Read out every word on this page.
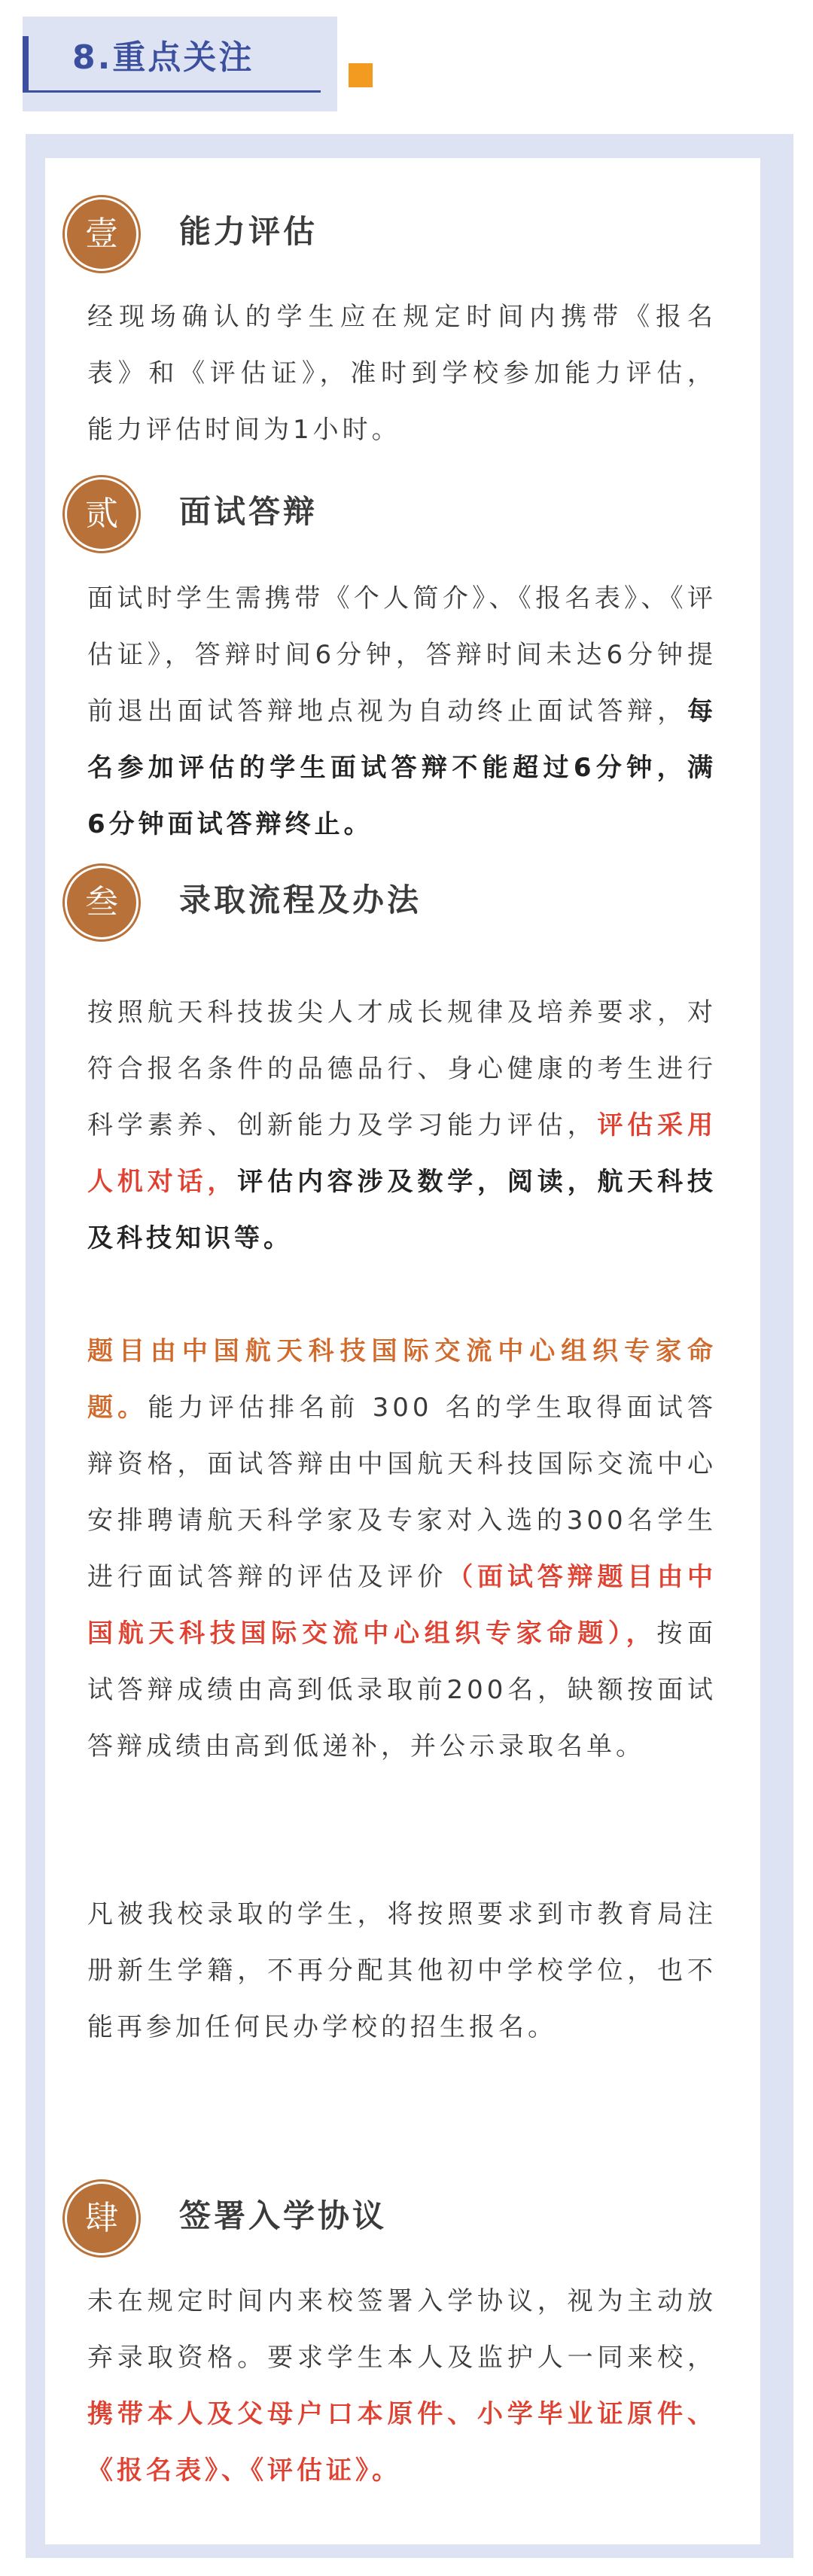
8.重点关注
壹	能力评估

经现场确认的学生应在规定时间内携带《报名表》和《评估证》，准时到学校参加能力评估，能力评估时间为1小时。

贰	面试答辩

面试时学生需携带《个人简介》、《报名表》、《评估证》，答辩时间6分钟，答辩时间未达6分钟提前退出面试答辩地点视为自动终止面试答辩，每名参加评估的学生面试答辩不能超过6分钟，满6分钟面试答辩终止。

叁	录取流程及办法

按照航天科技拔尖人才成长规律及培养要求，对符合报名条件的品德品行、身心健康的考生进行科学素养、创新能力及学习能力评估，评估采用人机对话，评估内容涉及数学，阅读，航天科技及科技知识等。

题目由中国航天科技国际交流中心组织专家命题。能力评估排名前 300 名的学生取得面试答辩资格，面试答辩由中国航天科技国际交流中心安排聘请航天科学家及专家对入选的300名学生进行面试答辩的评估及评价（面试答辩题目由中国航天科技国际交流中心组织专家命题），按面试答辩成绩由高到低录取前200名，缺额按面试答辩成绩由高到低递补，并公示录取名单。

凡被我校录取的学生，将按照要求到市教育局注册新生学籍，不再分配其他初中学校学位，也不能再参加任何民办学校的招生报名。

肆	签署入学协议

未在规定时间内来校签署入学协议，视为主动放弃录取资格。要求学生本人及监护人一同来校，携带本人及父母户口本原件、小学毕业证原件、《报名表》、《评估证》。
